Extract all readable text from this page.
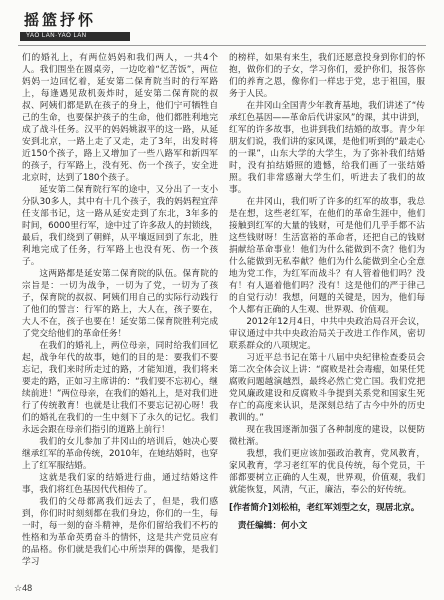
摇篮抒怀
YAO LAN·YAO LAN

们的婚礼上，有两位妈妈和我们两人，一共4个人。我们围坐在圆桌旁，一边吃着“忆苦饭”，两位妈妈一边回忆着，延安第二保育院当时的行军路上，每逢遇见敌机轰炸时，延安第二保育院的叔叔、阿姨们都是趴在孩子的身上，他们宁可牺牲自己的生命，也要保护孩子的生命，他们都胜利地完成了战斗任务。汉平的妈妈姚淑平的这一路，从延安到北京，一路上走了又走，走了3年，出发时将近150个孩子，路上又增加了一些八路军和新四军的孩子，行军路上，没有死、伤一个孩子，安全进北京时，达到了180个孩子。

延安第二保育院行军的途中，又分出了一支小分队30多人，其中有十几个孩子，我的妈妈程宜萍任支部书记，这一路从延安走到了东北，3年多的时间，6000里行军，途中过了许多敌人的封锁线，最后，我们绕到了朝鲜，从平壤返回到了东北，胜利地完成了任务，行军路上也没有死、伤一个孩子。

这两路都是延安第二保育院的队伍。保育院的宗旨是：一切为战争，一切为了党，一切为了孩子，保育院的叔叔、阿姨们用自己的实际行动践行了他们的誓言：行军的路上，大人在，孩子要在，大人不在，孩子也要在！延安第二保育院胜利完成了党交给他们的革命任务！

在我们的婚礼上，两位母亲，同时给我们回忆起，战争年代的故事，她们的目的是：要我们不要忘记，我们来时所走过的路，才能知道，我们将来要走的路，正如习主席讲的：“我们要不忘初心，继续前进！”两位母亲，在我们的婚礼上，是对我们进行了传统教育！也就是让我们不要忘记初心呀！我们的婚礼在我们的一生中刻下了永久的记忆。我们永远会跟在母亲们指引的道路上前行！

我们的女儿参加了井冈山的培训后，她决心要继承红军的革命传统，2010年，在她结婚时，也穿上了红军服结婚。

这就是我们家的结婚进行曲，通过结婚这件事，我们将红色基因代代相传了。

我们的父母都离我们远去了，但是，我们感到，你们时时刻刻都在我们身边，你们的一生，每一时，每一刻的奋斗精神，是你们留给我们不朽的性格和为革命英勇奋斗的情怀，这是共产党员应有的品格。你们就是我们心中所崇拜的偶像，是我们学习

的榜样，如果有来生，我们还愿意投身到你们的怀抱，做你们的子女，学习你们，爱护你们，报答你们的养育之恩，像你们一样忠于党，忠于祖国，服务于人民。

在井冈山全国青少年教育基地，我们讲述了“传承红色基因——革命后代讲家风”的课，其中讲到，红军的许多故事，也讲到我们结婚的故事。青少年朋友们说，我们讲的家风课，是他们听到的“最走心的一课”，山东大学的大学生，为了弥补我们结婚时，没有拍结婚照的遗憾，给我们画了一张结婚照。我们非常感谢大学生们，听进去了我们的故事。

在井冈山，我们听了许多的红军的故事，我总是在想，这些老红军，在他们的革命生涯中，他们接触到红军的大量的钱财，可是他们几乎手都不沾这些钱财呀！生活富裕的革命者，还把自己的钱财捐献给革命事业！他们为什么能做到不贪？他们为什么能做到无私奉献？他们为什么能做到全心全意地为党工作，为红军而战斗？有人管着他们吗？没有！有人逼着他们吗？没有！这是他们的严于律己的自觉行动！我想，问题的关键是，因为，他们每个人都有正确的人生观、世界观、价值观。

2012年12月4日，中共中央政治局召开会议，审议通过中共中央政治局关于改进工作作风，密切联系群众的八项规定。

习近平总书记在第十八届中央纪律检查委员会第二次全体会议上讲：“腐败是社会毒瘤，如果任凭腐败问题越演越烈，最终必然亡党亡国。我们党把党风廉政建设和反腐败斗争提到关系党和国家生死存亡的高度来认识，是深刻总结了古今中外的历史教训的。”

现在我国逐渐加强了各种制度的建设，以便防微杜渐。

我想，我们更应该加强政治教育，党风教育，家风教育，学习老红军的优良传统，每个党员，干部都要树立正确的人生观，世界观，价值观，我们就能恢复，风清，气正，廉洁，奉公的好传统。

[作者简介]刘松柏，老红军刘型之女，现居北京。
责任编辑：何小文
☆48
